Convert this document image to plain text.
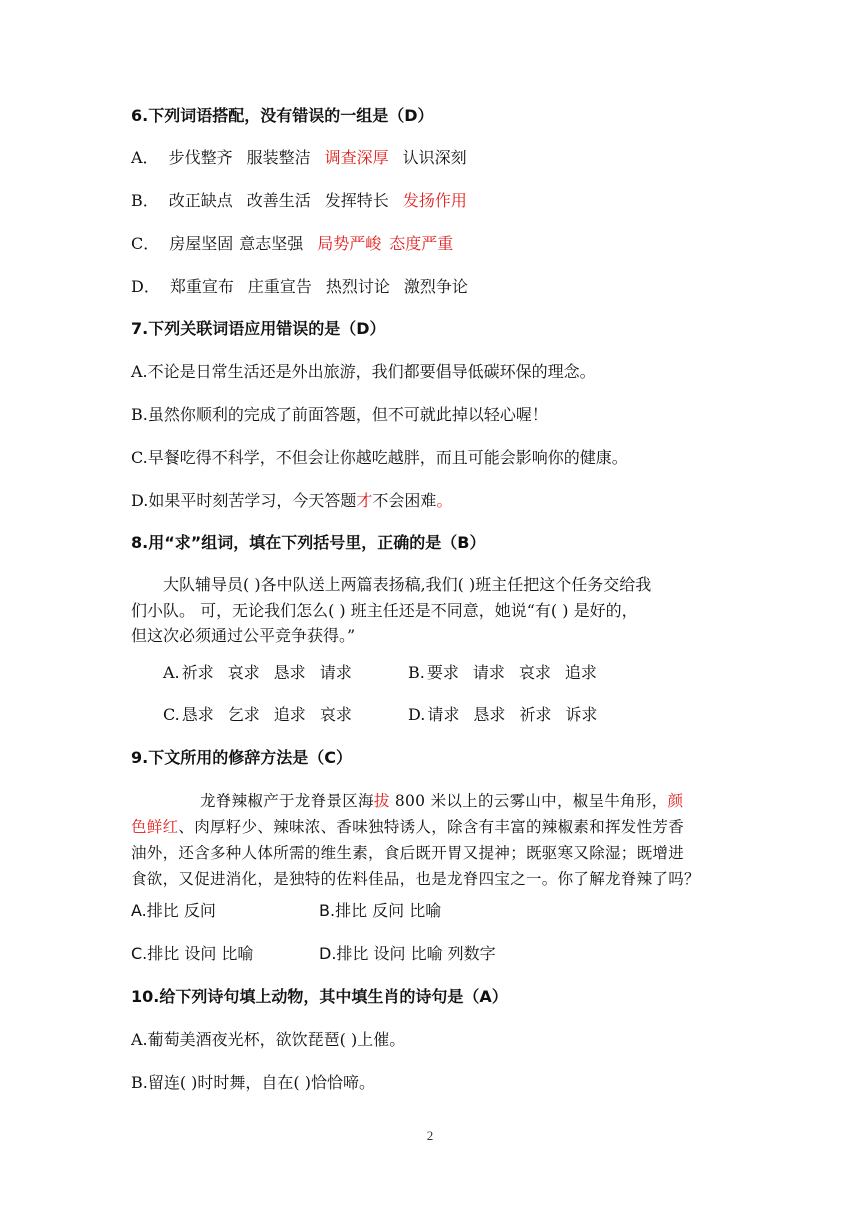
6.下列词语搭配，没有错误的一组是（D）
A． 步伐整齐 服装整洁 调查深厚 认识深刻
B． 改正缺点 改善生活 发挥特长 发扬作用
C． 房屋坚固 意志坚强 局势严峻 态度严重
D． 郑重宣布 庄重宣告 热烈讨论 激烈争论
7.下列关联词语应用错误的是（D）
A.不论是日常生活还是外出旅游，我们都要倡导低碳环保的理念。
B.虽然你顺利的完成了前面答题，但不可就此掉以轻心喔！
C.早餐吃得不科学，不但会让你越吃越胖，而且可能会影响你的健康。
D.如果平时刻苦学习，今天答题才不会困难。
8.用“求”组词，填在下列括号里，正确的是（B）
大队辅导员( )各中队送上两篇表扬稿,我们( )班主任把这个任务交给我
们小队。 可，无论我们怎么( ) 班主任还是不同意，她说“有( ) 是好的，
但这次必须通过公平竞争获得。”
A. 祈求 哀求 恳求 请求	B. 要求 请求 哀求 追求
C. 恳求 乞求 追求 哀求	D. 请求 恳求 祈求 诉求
9.下文所用的修辞方法是（C）
龙脊辣椒产于龙脊景区海拔 800 米以上的云雾山中，椒呈牛角形，颜
色鲜红、肉厚籽少、辣味浓、香味独特诱人，除含有丰富的辣椒素和挥发性芳香
油外，还含多种人体所需的维生素，食后既开胃又提神；既驱寒又除湿；既增进
食欲，又促进消化，是独特的佐料佳品，也是龙脊四宝之一。你了解龙脊辣了吗？
A.排比 反问	B.排比 反问 比喻
C.排比 设问 比喻	D.排比 设问 比喻 列数字
10.给下列诗句填上动物，其中填生肖的诗句是（A）
A.葡萄美酒夜光杯，欲饮琵琶( )上催。
B.留连( )时时舞，自在( )恰恰啼。
2
